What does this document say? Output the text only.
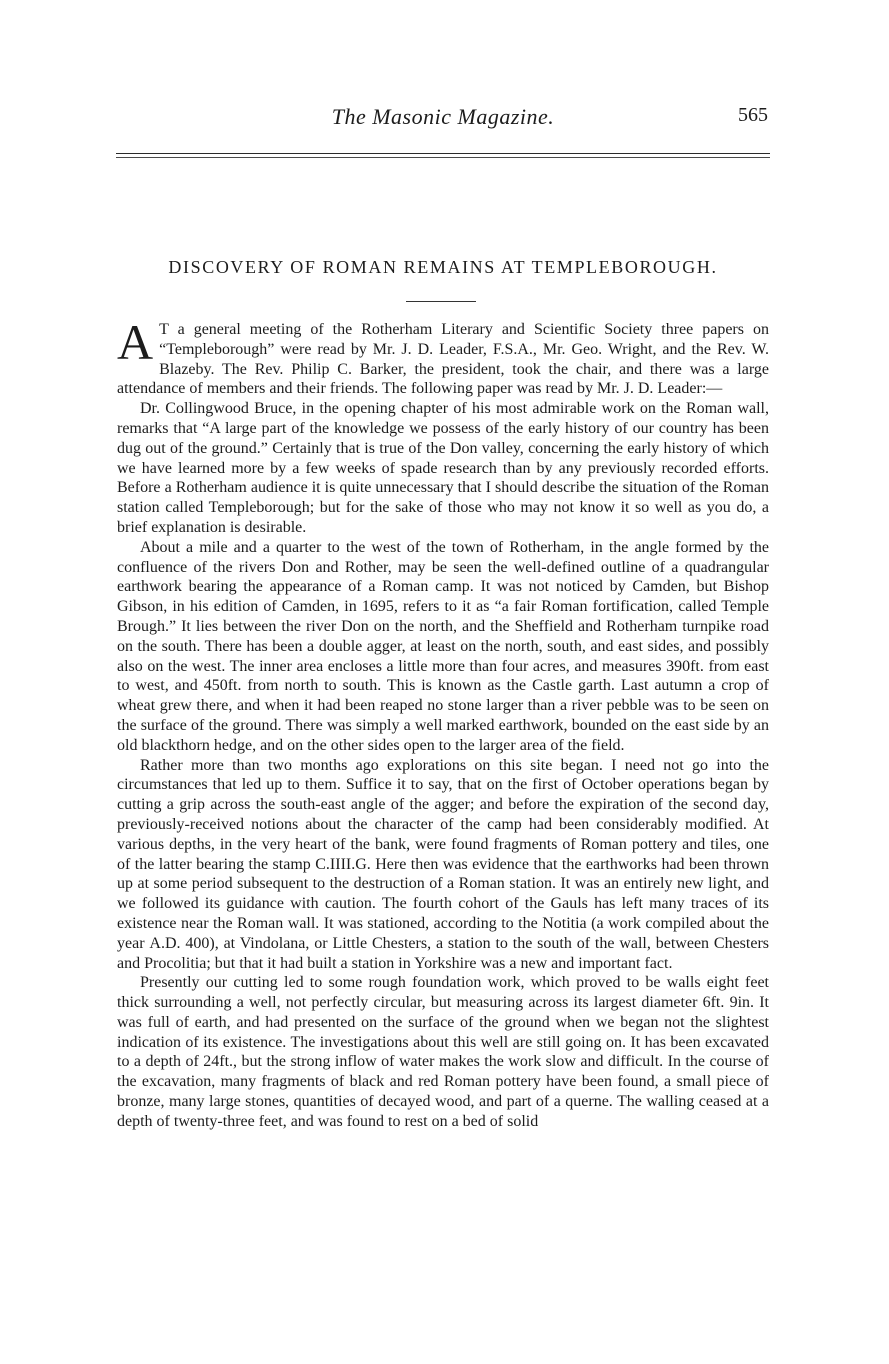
The Masonic Magazine.	565
DISCOVERY OF ROMAN REMAINS AT TEMPLEBOROUGH.

A T a general meeting of the Rotherham Literary and Scientific Society three papers on “Templeborough” were read by Mr. J. D. Leader, F.S.A., Mr. Geo. Wright, and the Rev. W. Blazeby. The Rev. Philip C. Barker, the president, took the chair, and there was a large attendance of members and their friends. The following paper was read by Mr. J. D. Leader:—

Dr. Collingwood Bruce, in the opening chapter of his most admirable work on the Roman wall, remarks that “A large part of the knowledge we possess of the early history of our country has been dug out of the ground.” Certainly that is true of the Don valley, concerning the early history of which we have learned more by a few weeks of spade research than by any previously recorded efforts. Before a Rotherham audience it is quite unnecessary that I should describe the situation of the Roman station called Templeborough; but for the sake of those who may not know it so well as you do, a brief explanation is desirable.

About a mile and a quarter to the west of the town of Rotherham, in the angle formed by the confluence of the rivers Don and Rother, may be seen the well-defined outline of a quadrangular earthwork bearing the appearance of a Roman camp. It was not noticed by Camden, but Bishop Gibson, in his edition of Camden, in 1695, refers to it as “a fair Roman fortification, called Temple Brough.” It lies between the river Don on the north, and the Sheffield and Rotherham turnpike road on the south. There has been a double agger, at least on the north, south, and east sides, and possibly also on the west. The inner area encloses a little more than four acres, and measures 390ft. from east to west, and 450ft. from north to south. This is known as the Castle garth. Last autumn a crop of wheat grew there, and when it had been reaped no stone larger than a river pebble was to be seen on the surface of the ground. There was simply a well marked earthwork, bounded on the east side by an old blackthorn hedge, and on the other sides open to the larger area of the field.

Rather more than two months ago explorations on this site began. I need not go into the circumstances that led up to them. Suffice it to say, that on the first of October operations began by cutting a grip across the south-east angle of the agger; and before the expiration of the second day, previously-received notions about the character of the camp had been considerably modified. At various depths, in the very heart of the bank, were found fragments of Roman pottery and tiles, one of the latter bearing the stamp C.IIII.G. Here then was evidence that the earthworks had been thrown up at some period subsequent to the destruction of a Roman station. It was an entirely new light, and we followed its guidance with caution. The fourth cohort of the Gauls has left many traces of its existence near the Roman wall. It was stationed, according to the Notitia (a work compiled about the year A.D. 400), at Vindolana, or Little Chesters, a station to the south of the wall, between Chesters and Procolitia; but that it had built a station in Yorkshire was a new and important fact.

Presently our cutting led to some rough foundation work, which proved to be walls eight feet thick surrounding a well, not perfectly circular, but measuring across its largest diameter 6ft. 9in. It was full of earth, and had presented on the surface of the ground when we began not the slightest indication of its existence. The investigations about this well are still going on. It has been excavated to a depth of 24ft., but the strong inflow of water makes the work slow and difficult. In the course of the excavation, many fragments of black and red Roman pottery have been found, a small piece of bronze, many large stones, quantities of decayed wood, and part of a querne. The walling ceased at a depth of twenty-three feet, and was found to rest on a bed of solid
